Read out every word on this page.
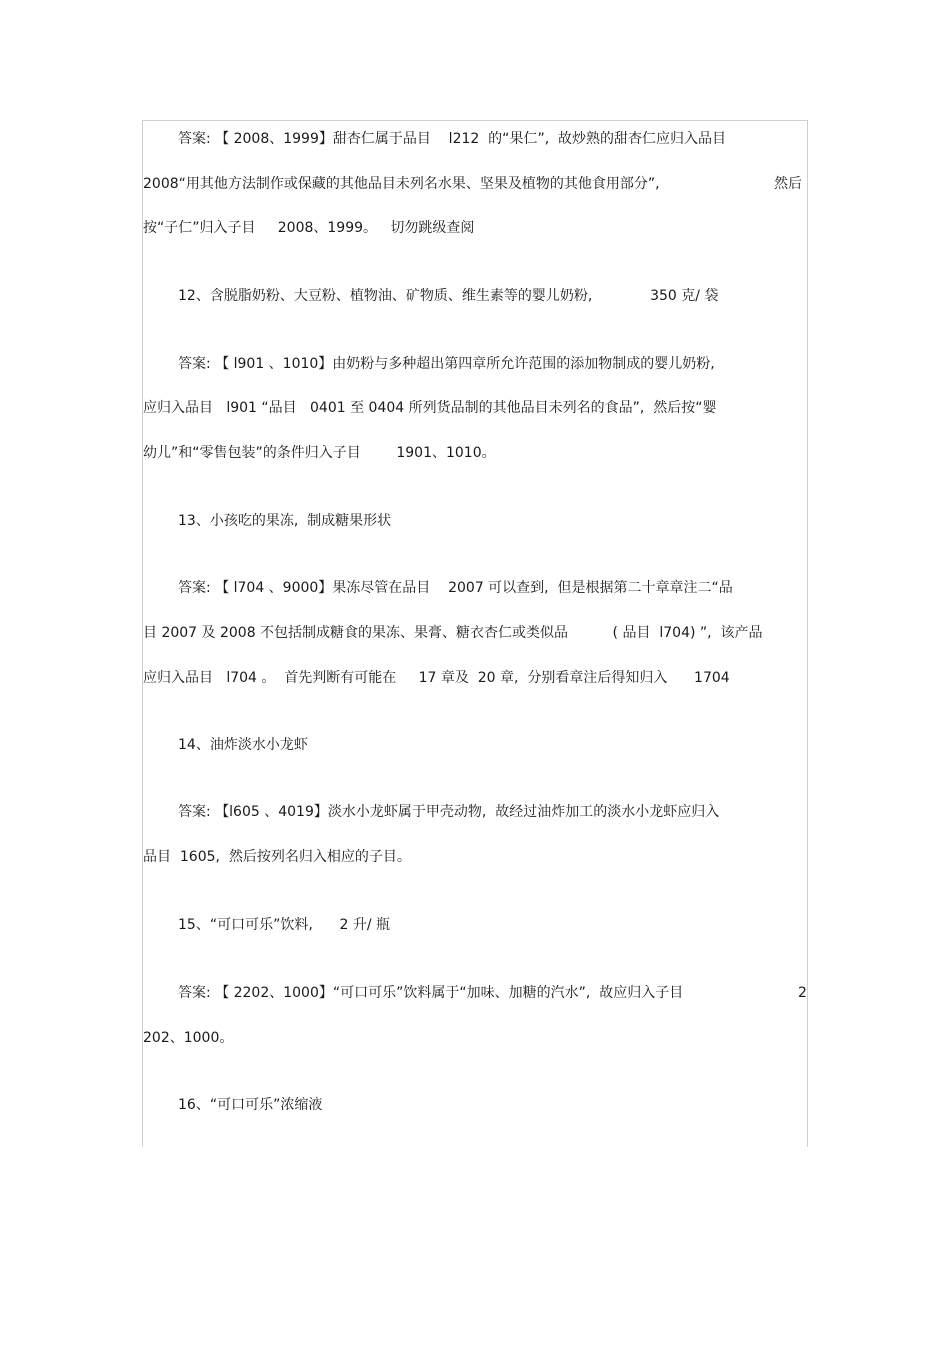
答案: 【 2008、1999】甜杏仁属于品目    l212  的“果仁”,  故炒熟的甜杏仁应归入品目
2008“用其他方法制作或保藏的其他品目未列名水果、坚果及植物的其他食用部分”,	然后
按“子仁”归入子目     2008、1999。   切勿跳级查阅
12、含脱脂奶粉、大豆粉、植物油、矿物质、维生素等的婴儿奶粉,             350 克/ 袋
答案: 【 l901 、1010】由奶粉与多种超出第四章所允许范围的添加物制成的婴儿奶粉,
应归入品目   l901 “品目   0401 至 0404 所列货品制的其他品目未列名的食品”,  然后按“婴
幼儿”和“零售包装”的条件归入子目        1901、1010。
13、小孩吃的果冻,  制成糖果形状
答案: 【 l704 、9000】果冻尽管在品目    2007 可以查到,  但是根据第二十章章注二“品
目 2007 及 2008 不包括制成糖食的果冻、果膏、糖衣杏仁或类似品          ( 品目  l704) ”,  该产品
应归入品目   l704 。  首先判断有可能在     17 章及  20 章,  分别看章注后得知归入      1704
14、油炸淡水小龙虾
答案: 【l605 、4019】淡水小龙虾属于甲壳动物,  故经过油炸加工的淡水小龙虾应归入
品目  1605,  然后按列名归入相应的子目。
15、“可口可乐”饮料,      2 升/ 瓶
答案: 【 2202、1000】“可口可乐”饮料属于“加味、加糖的汽水”,  故应归入子目	2
202、1000。
16、“可口可乐”浓缩液
